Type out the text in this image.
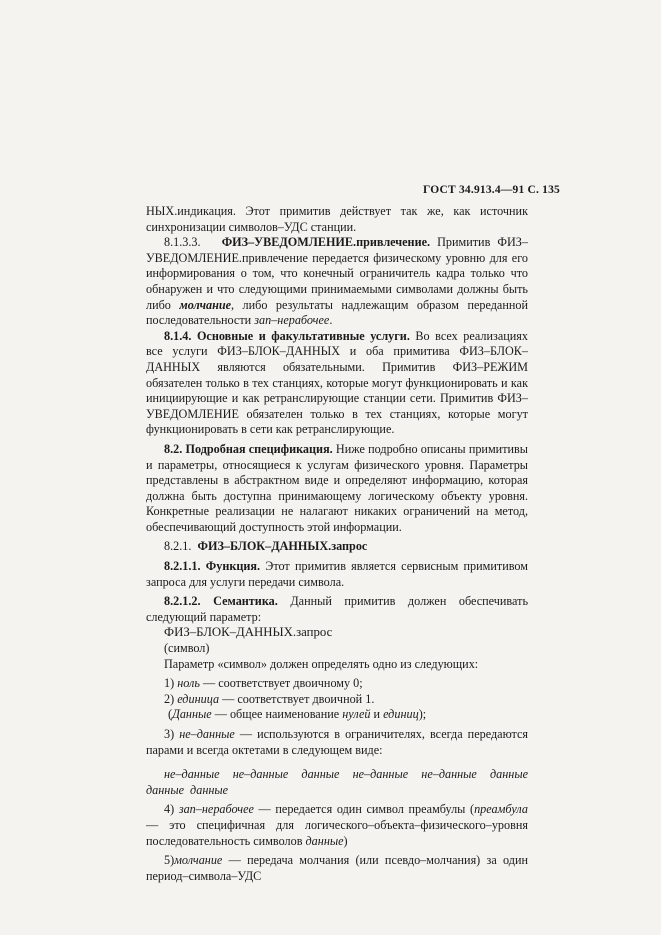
ГОСТ 34.913.4—91 С. 135

НЫХ.индикация. Этот примитив действует так же, как источник синхронизации символов–УДС станции.

8.1.3.3. ФИЗ–УВЕДОМЛЕНИЕ.привлечение. Примитив ФИЗ–УВЕДОМЛЕНИЕ.привлечение передается физическому уровню для его информирования о том, что конечный ограничитель кадра только что обнаружен и что следующими принимаемыми символами должны быть либо молчание, либо результаты надлежащим образом переданной последовательности зап–нерабочее.

8.1.4. Основные и факультативные услуги. Во всех реализациях все услуги ФИЗ–БЛОК–ДАННЫХ и оба примитива ФИЗ–БЛОК–ДАННЫХ являются обязательными. Примитив ФИЗ–РЕЖИМ обязателен только в тех станциях, которые могут функционировать и как инициирующие и как ретранслирующие станции сети. Примитив ФИЗ–УВЕДОМЛЕНИЕ обязателен только в тех станциях, которые могут функционировать в сети как ретранслирующие.

8.2. Подробная спецификация. Ниже подробно описаны примитивы и параметры, относящиеся к услугам физического уровня. Параметры представлены в абстрактном виде и определяют информацию, которая должна быть доступна принимающему логическому объекту уровня. Конкретные реализации не налагают никаких ограничений на метод, обеспечивающий доступность этой информации.

8.2.1. ФИЗ–БЛОК–ДАННЫХ.запрос

8.2.1.1. Функция. Этот примитив является сервисным примитивом запроса для услуги передачи символа.

8.2.1.2. Семантика. Данный примитив должен обеспечивать следующий параметр:

ФИЗ–БЛОК–ДАННЫХ.запрос

(символ)

Параметр «символ» должен определять одно из следующих:

1) ноль — соответствует двоичному 0;

2) единица — соответствует двоичной 1.

(Данные — общее наименование нулей и единиц);

3) не–данные — используются в ограничителях, всегда передаются парами и всегда октетами в следующем виде:

не–данные не–данные данные не–данные не–данные данные данные данные

4) зап–нерабочее — передается один символ преамбулы (преамбула — это специфичная для логического–объекта–физического–уровня последовательность символов данные)

5)молчание — передача молчания (или псевдо–молчания) за один период–символа–УДС
